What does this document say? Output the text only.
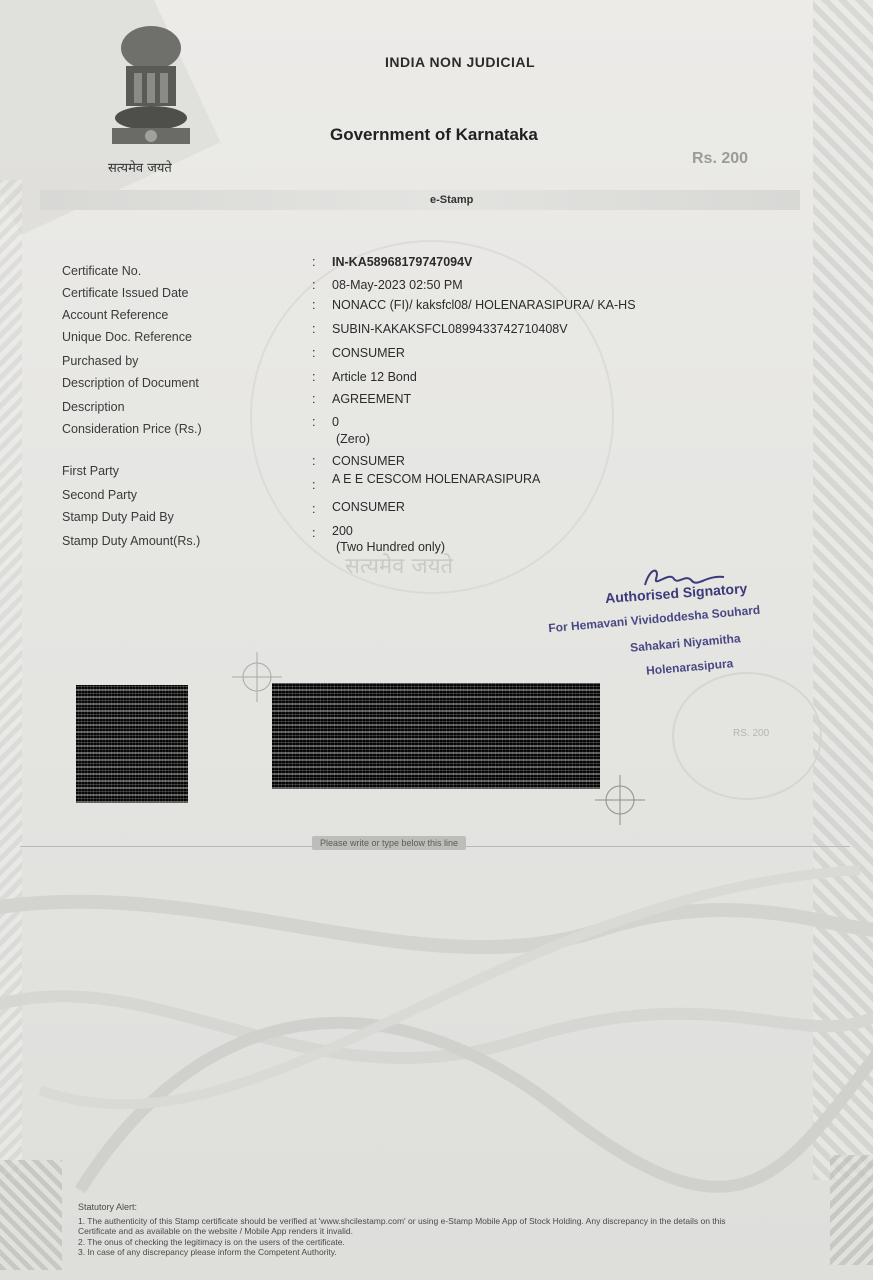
सत्यमेव जयते
INDIA NON JUDICIAL
Government of Karnataka
Rs. 200
e-Stamp
सत्यमेव जयते
Certificate No.
: IN-KA58968179747094V
Certificate Issued Date
: 08-May-2023 02:50 PM
Account Reference
: NONACC (FI)/ kaksfcl08/ HOLENARASIPURA/ KA-HS
Unique Doc. Reference
: SUBIN-KAKAKSFCL0899433742710408V
Purchased by
: CONSUMER
Description of Document	: Article 12 Bond
Description
: AGREEMENT
Consideration Price (Rs.)	: 0
(Zero)
First Party
: CONSUMER
Second Party
: A E E CESCOM HOLENARASIPURA
Stamp Duty Paid By
: CONSUMER
Stamp Duty Amount(Rs.)
: 200
(Two Hundred only)
Authorised Signatory
For Hemavani Vividoddesha Souhard
Sahakari Niyamitha
Holenarasipura
RS. 200
Please write or type below this line
Statutory Alert:
1. The authenticity of this Stamp certificate should be verified at 'www.shcilestamp.com' or using e-Stamp Mobile App of Stock Holding. Any discrepancy in the details on this Certificate and as available on the website / Mobile App renders it invalid.
2. The onus of checking the legitimacy is on the users of the certificate.
3. In case of any discrepancy please inform the Competent Authority.
